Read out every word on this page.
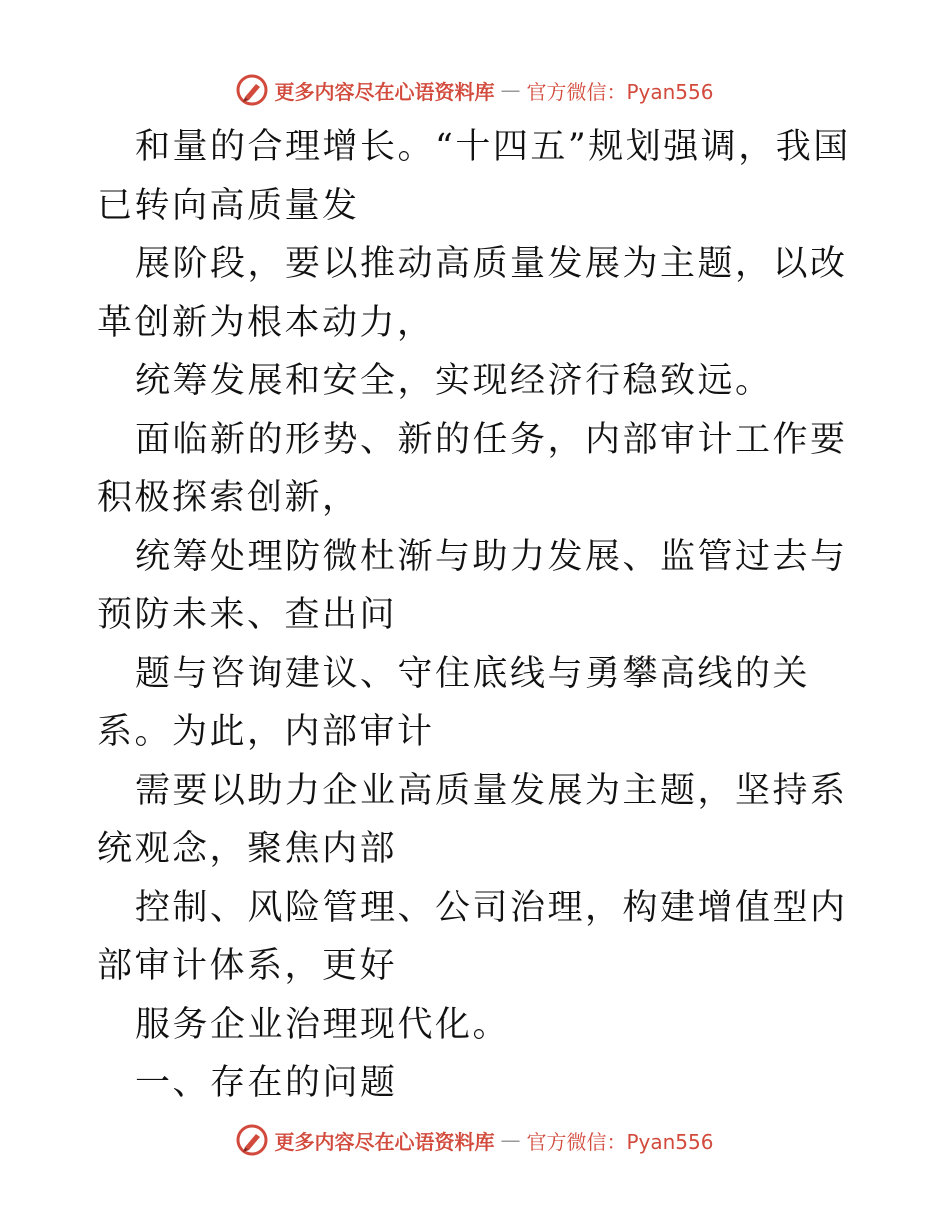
更多内容尽在心语资料库 — 官方微信：Pyan556

和量的合理增长。“十四五”规划强调，我国已转向高质量发

展阶段，要以推动高质量发展为主题，以改革创新为根本动力，

统筹发展和安全，实现经济行稳致远。

面临新的形势、新的任务，内部审计工作要积极探索创新，

统筹处理防微杜渐与助力发展、监管过去与预防未来、查出问

题与咨询建议、守住底线与勇攀高线的关系。为此，内部审计

需要以助力企业高质量发展为主题，坚持系统观念，聚焦内部

控制、风险管理、公司治理，构建增值型内部审计体系，更好

服务企业治理现代化。

一、存在的问题

更多内容尽在心语资料库 — 官方微信：Pyan556
